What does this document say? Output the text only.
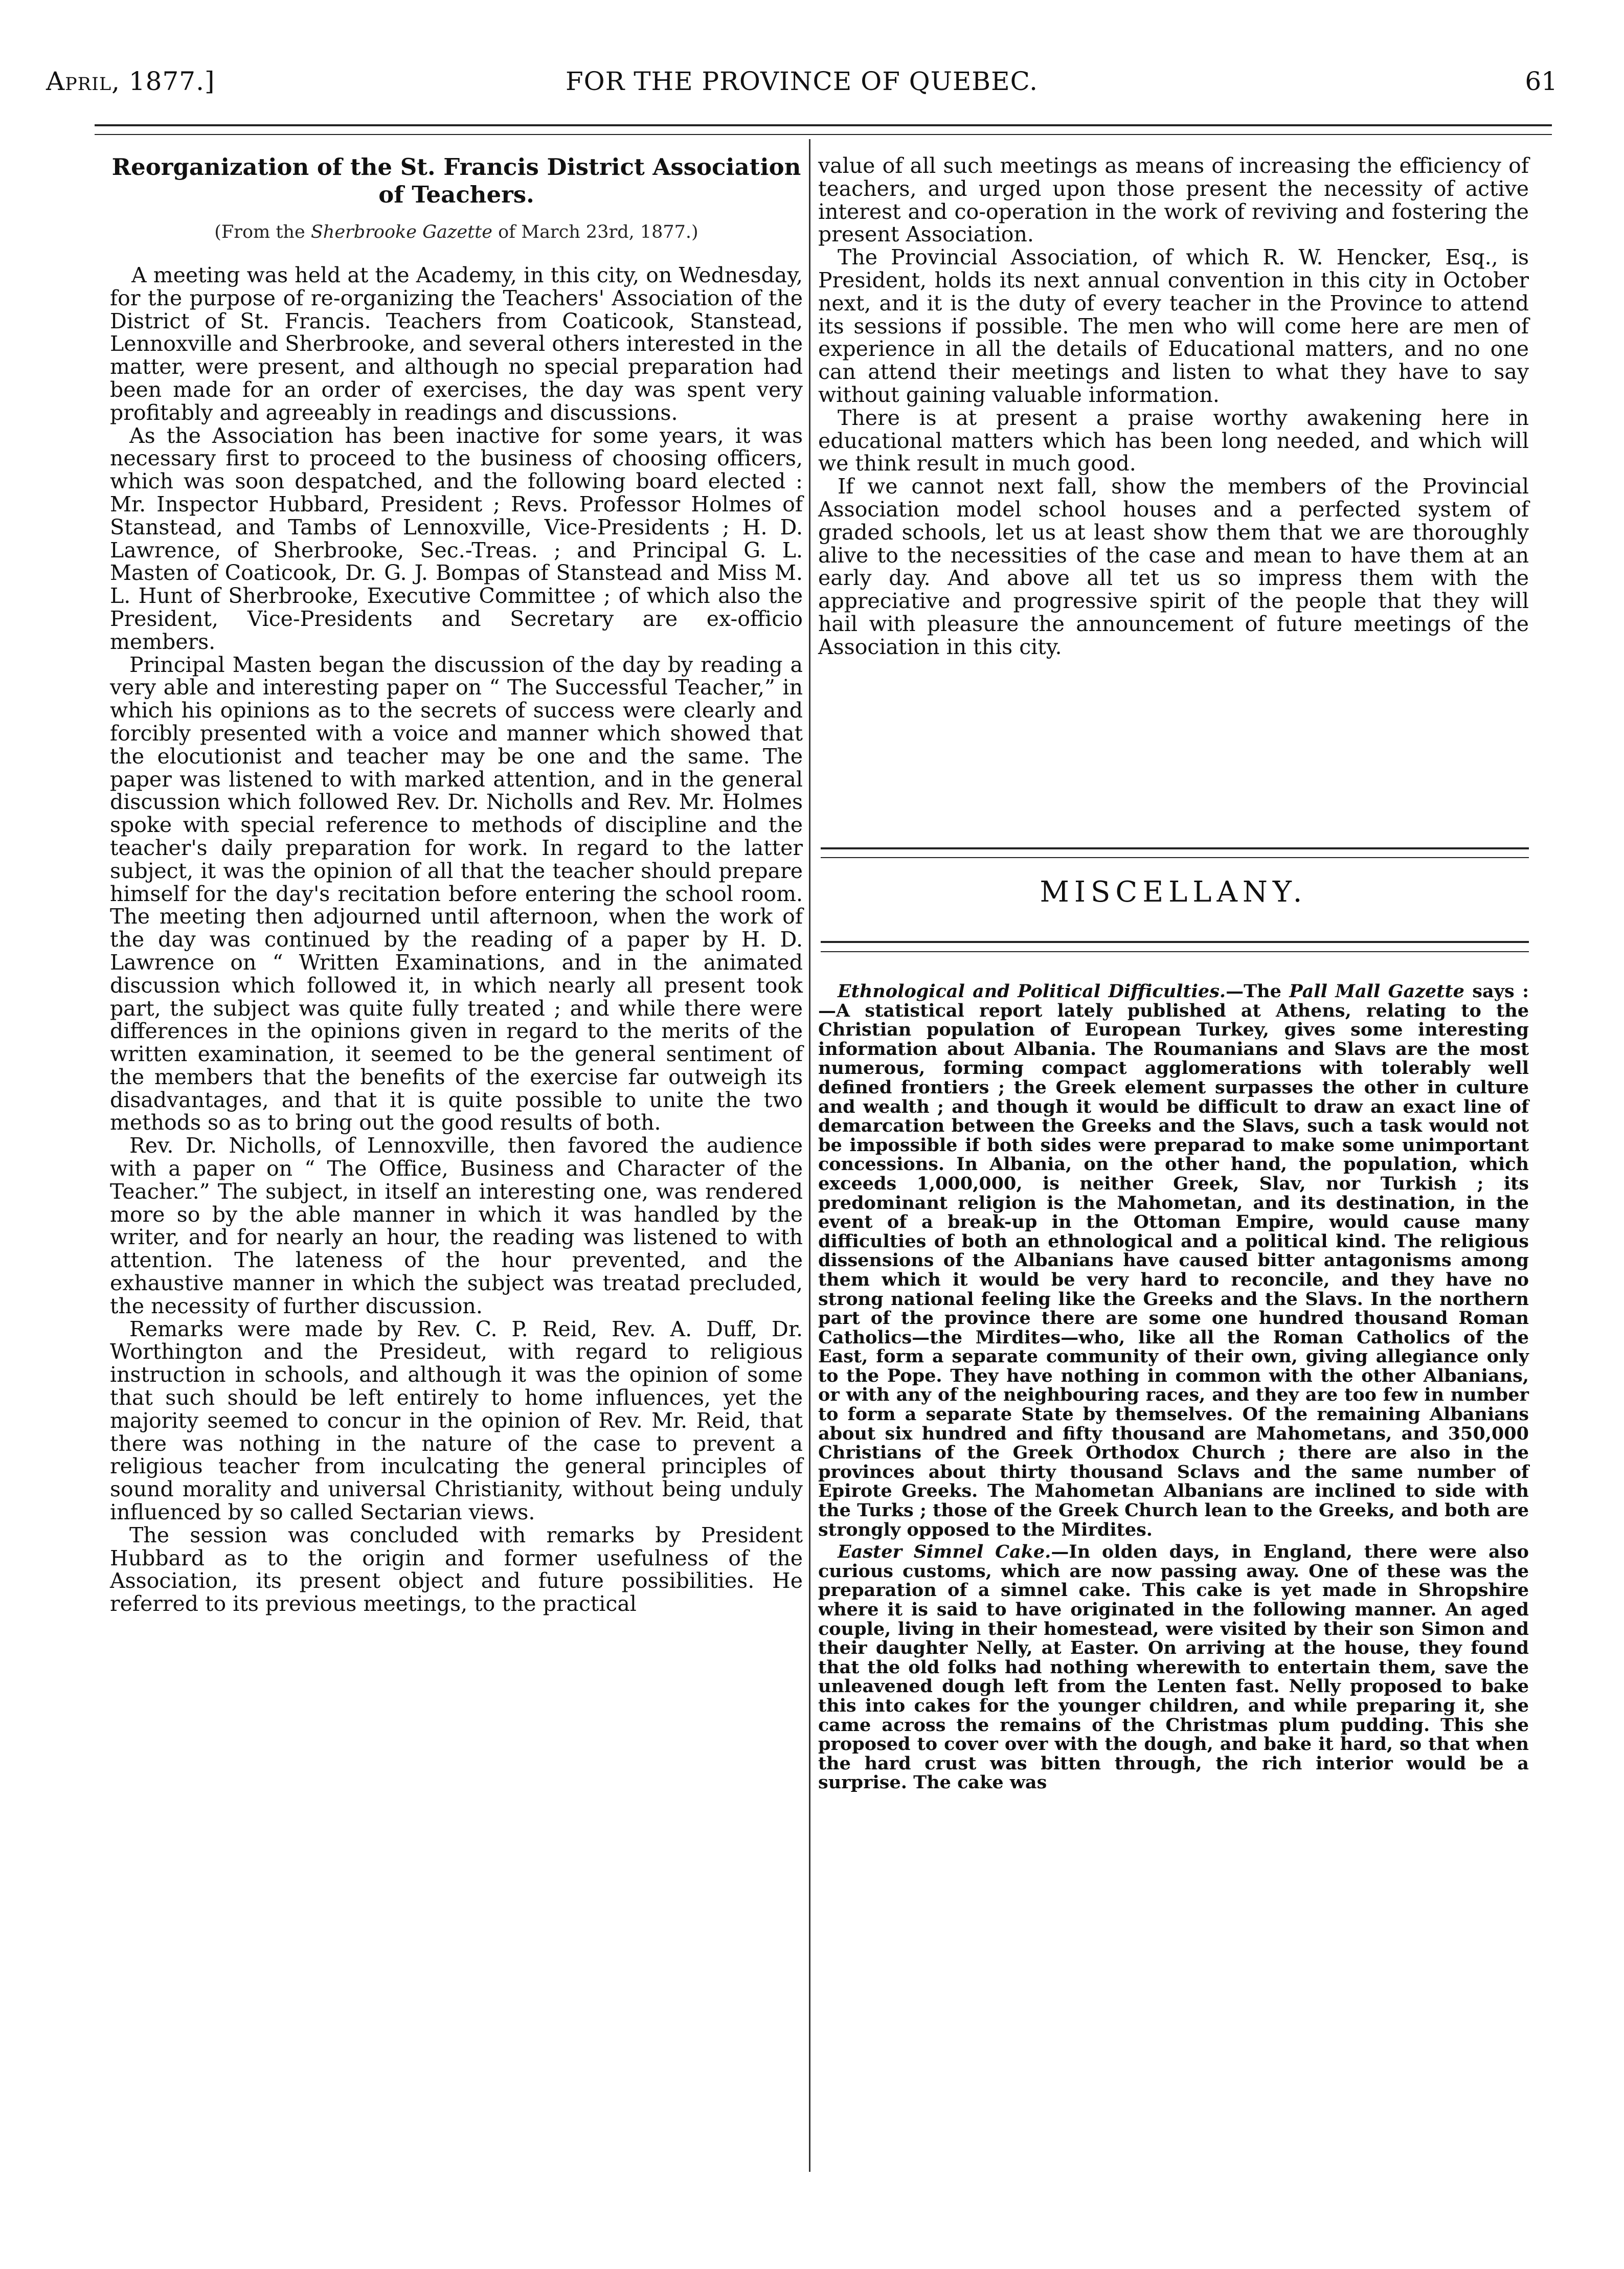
April, 1877.]	FOR THE PROVINCE OF QUEBEC.	61
Reorganization of the St. Francis District Association of Teachers.
(From the Sherbrooke Gazette of March 23rd, 1877.)

A meeting was held at the Academy, in this city, on Wednesday, for the purpose of re-organizing the Teachers' Association of the District of St. Francis. Teachers from Coaticook, Stanstead, Lennoxville and Sherbrooke, and several others interested in the matter, were present, and although no special preparation had been made for an order of exercises, the day was spent very profitably and agreeably in readings and discussions.

As the Association has been inactive for some years, it was necessary first to proceed to the business of choosing officers, which was soon despatched, and the following board elected : Mr. Inspector Hubbard, President ; Revs. Professor Holmes of Stanstead, and Tambs of Lennoxville, Vice-Presidents ; H. D. Lawrence, of Sherbrooke, Sec.-Treas. ; and Principal G. L. Masten of Coaticook, Dr. G. J. Bompas of Stanstead and Miss M. L. Hunt of Sherbrooke, Executive Committee ; of which also the President, Vice-Presidents and Secretary are ex-officio members.

Principal Masten began the discussion of the day by reading a very able and interesting paper on “ The Successful Teacher,” in which his opinions as to the secrets of success were clearly and forcibly presented with a voice and manner which showed that the elocutionist and teacher may be one and the same. The paper was listened to with marked attention, and in the general discussion which followed Rev. Dr. Nicholls and Rev. Mr. Holmes spoke with special reference to methods of discipline and the teacher's daily preparation for work. In regard to the latter subject, it was the opinion of all that the teacher should prepare himself for the day's recitation before entering the school room. The meeting then adjourned until afternoon, when the work of the day was continued by the reading of a paper by H. D. Lawrence on “ Written Examinations, and in the animated discussion which followed it, in which nearly all present took part, the subject was quite fully treated ; and while there were differences in the opinions given in regard to the merits of the written examination, it seemed to be the general sentiment of the members that the benefits of the exercise far outweigh its disadvantages, and that it is quite possible to unite the two methods so as to bring out the good results of both.

Rev. Dr. Nicholls, of Lennoxville, then favored the audience with a paper on “ The Office, Business and Character of the Teacher.” The subject, in itself an interesting one, was rendered more so by the able manner in which it was handled by the writer, and for nearly an hour, the reading was listened to with attention. The lateness of the hour prevented, and the exhaustive manner in which the subject was treatad precluded, the necessity of further discussion.

Remarks were made by Rev. C. P. Reid, Rev. A. Duff, Dr. Worthington and the Presideut, with regard to religious instruction in schools, and although it was the opinion of some that such should be left entirely to home influences, yet the majority seemed to concur in the opinion of Rev. Mr. Reid, that there was nothing in the nature of the case to prevent a religious teacher from inculcating the general principles of sound morality and universal Christianity, without being unduly influenced by so called Sectarian views.

The session was concluded with remarks by President Hubbard as to the origin and former usefulness of the Association, its present object and future possibilities. He referred to its previous meetings, to the practical

value of all such meetings as means of increasing the efficiency of teachers, and urged upon those present the necessity of active interest and co-operation in the work of reviving and fostering the present Association.

The Provincial Association, of which R. W. Hencker, Esq., is President, holds its next annual convention in this city in October next, and it is the duty of every teacher in the Province to attend its sessions if possible. The men who will come here are men of experience in all the details of Educational matters, and no one can attend their meetings and listen to what they have to say without gaining valuable information.

There is at present a praise worthy awakening here in educational matters which has been long needed, and which will we think result in much good.

If we cannot next fall, show the members of the Provincial Association model school houses and a perfected system of graded schools, let us at least show them that we are thoroughly alive to the necessities of the case and mean to have them at an early day. And above all tet us so impress them with the appreciative and progressive spirit of the people that they will hail with pleasure the announcement of future meetings of the Association in this city.

MISCELLANY.

Ethnological and Political Difficulties.—The Pall Mall Gazette says :—A statistical report lately published at Athens, relating to the Christian population of European Turkey, gives some interesting information about Albania. The Roumanians and Slavs are the most numerous, forming compact agglomerations with tolerably well defined frontiers ; the Greek element surpasses the other in culture and wealth ; and though it would be difficult to draw an exact line of demarcation between the Greeks and the Slavs, such a task would not be impossible if both sides were preparad to make some unimportant concessions. In Albania, on the other hand, the population, which exceeds 1,000,000, is neither Greek, Slav, nor Turkish ; its predominant religion is the Mahometan, and its destination, in the event of a break-up in the Ottoman Empire, would cause many difficulties of both an ethnological and a political kind. The religious dissensions of the Albanians have caused bitter antagonisms among them which it would be very hard to reconcile, and they have no strong national feeling like the Greeks and the Slavs. In the northern part of the province there are some one hundred thousand Roman Catholics—the Mirdites—who, like all the Roman Catholics of the East, form a separate community of their own, giving allegiance only to the Pope. They have nothing in common with the other Albanians, or with any of the neighbouring races, and they are too few in number to form a separate State by themselves. Of the remaining Albanians about six hundred and fifty thousand are Mahometans, and 350,000 Christians of the Greek Orthodox Church ; there are also in the provinces about thirty thousand Sclavs and the same number of Epirote Greeks. The Mahometan Albanians are inclined to side with the Turks ; those of the Greek Church lean to the Greeks, and both are strongly opposed to the Mirdites.

Easter Simnel Cake.—In olden days, in England, there were also curious customs, which are now passing away. One of these was the preparation of a simnel cake. This cake is yet made in Shropshire where it is said to have originated in the following manner. An aged couple, living in their homestead, were visited by their son Simon and their daughter Nelly, at Easter. On arriving at the house, they found that the old folks had nothing wherewith to entertain them, save the unleavened dough left from the Lenten fast. Nelly proposed to bake this into cakes for the younger children, and while preparing it, she came across the remains of the Christmas plum pudding. This she proposed to cover over with the dough, and bake it hard, so that when the hard crust was bitten through, the rich interior would be a surprise. The cake was
